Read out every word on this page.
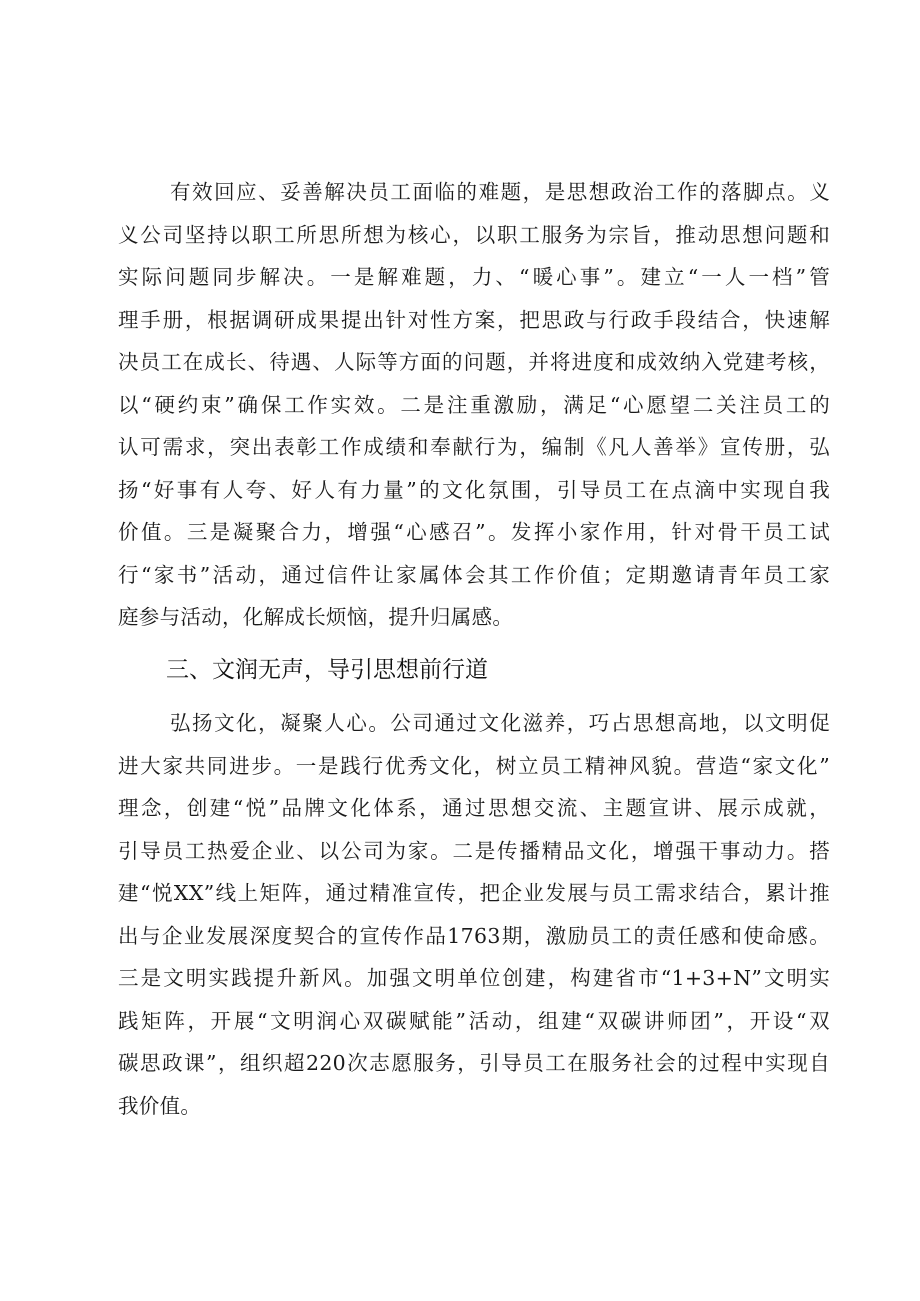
有效回应、妥善解决员工面临的难题，是思想政治工作的落脚点。义
义公司坚持以职工所思所想为核心，以职工服务为宗旨，推动思想问题和
实际问题同步解决。一是解难题，力、“暖心事”。建立“一人一档”管
理手册，根据调研成果提出针对性方案，把思政与行政手段结合，快速解
决员工在成长、待遇、人际等方面的问题，并将进度和成效纳入党建考核，
以“硬约束”确保工作实效。二是注重激励，满足“心愿望二关注员工的
认可需求，突出表彰工作成绩和奉献行为，编制《凡人善举》宣传册，弘
扬“好事有人夸、好人有力量”的文化氛围，引导员工在点滴中实现自我
价值。三是凝聚合力，增强“心感召”。发挥小家作用，针对骨干员工试
行“家书”活动，通过信件让家属体会其工作价值；定期邀请青年员工家
庭参与活动，化解成长烦恼，提升归属感。
三、文润无声，导引思想前行道
弘扬文化，凝聚人心。公司通过文化滋养，巧占思想高地，以文明促
进大家共同进步。一是践行优秀文化，树立员工精神风貌。营造“家文化”
理念，创建“悦”品牌文化体系，通过思想交流、主题宣讲、展示成就，
引导员工热爱企业、以公司为家。二是传播精品文化，增强干事动力。搭
建“悦XX”线上矩阵，通过精准宣传，把企业发展与员工需求结合，累计推
出与企业发展深度契合的宣传作品1763期，激励员工的责任感和使命感。
三是文明实践提升新风。加强文明单位创建，构建省市“1+3+N”文明实
践矩阵，开展“文明润心双碳赋能”活动，组建“双碳讲师团”，开设“双
碳思政课”，组织超220次志愿服务，引导员工在服务社会的过程中实现自
我价值。
